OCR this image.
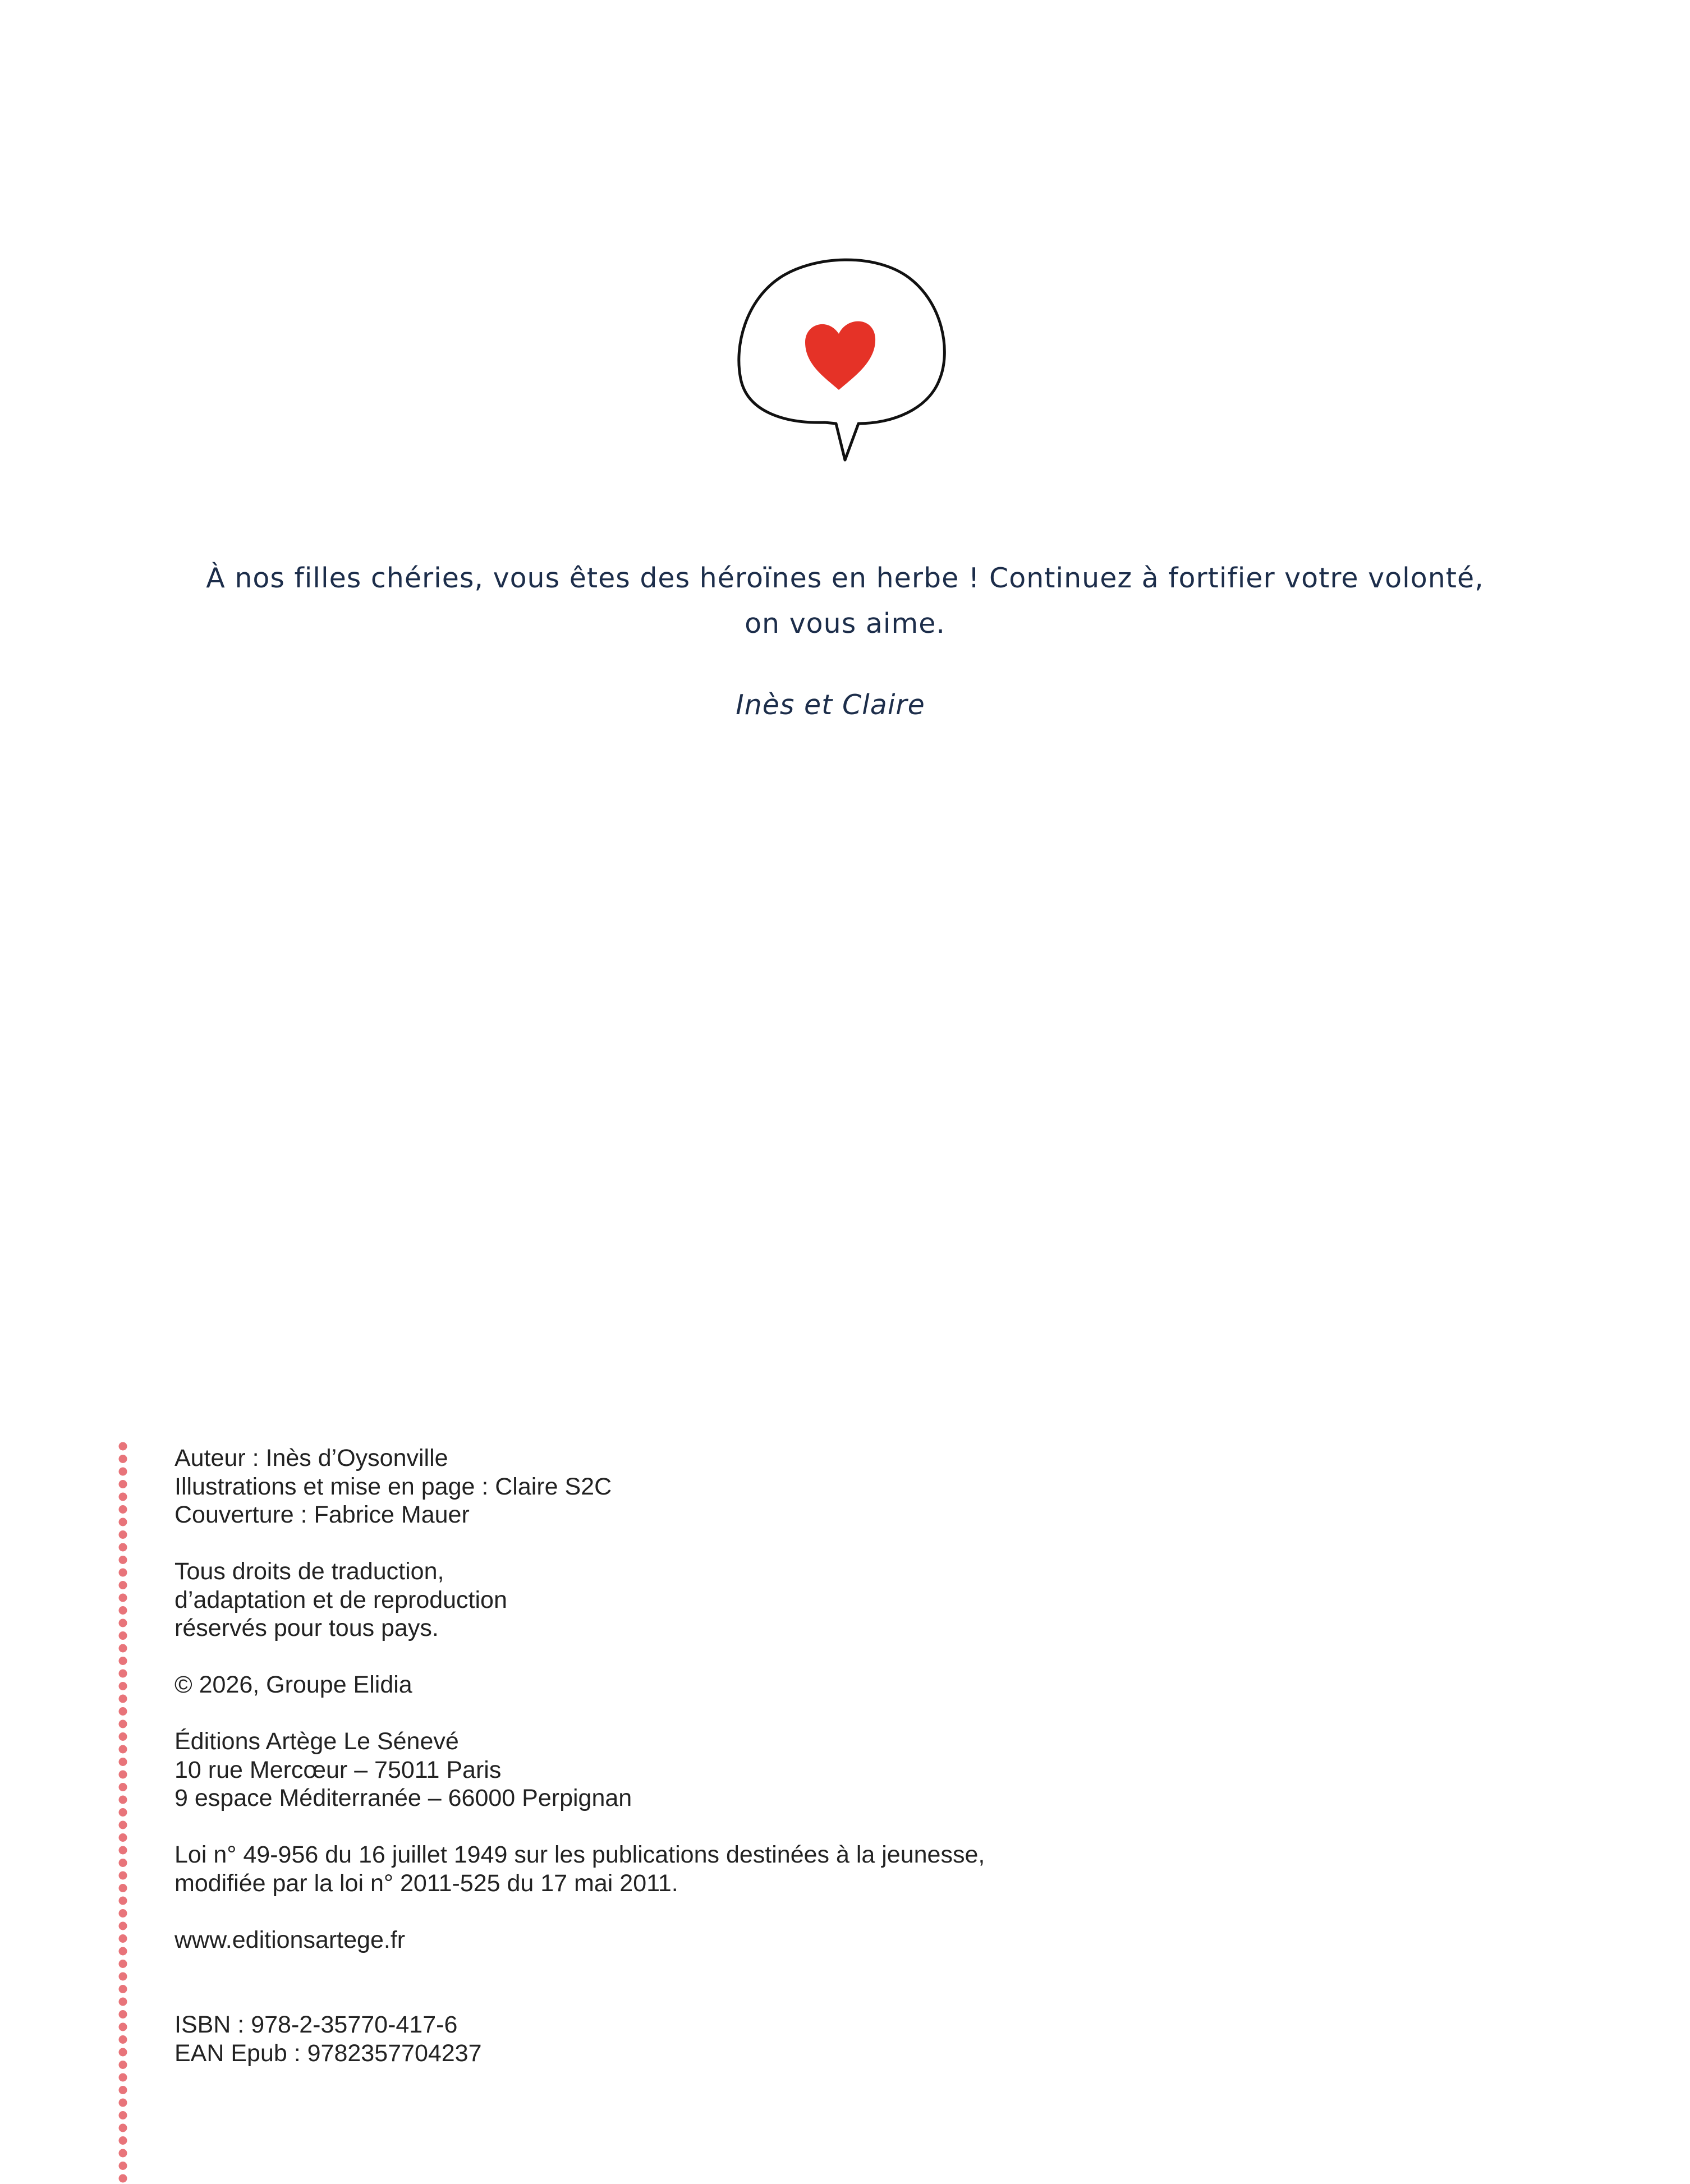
À nos filles chéries, vous êtes des héroïnes en herbe ! Continuez à fortifier votre volonté,

on vous aime.

Inès et Claire
Auteur : Inès d’Oysonville
Illustrations et mise en page : Claire S2C
Couverture : Fabrice Mauer
Tous droits de traduction,
d’adaptation et de reproduction
réservés pour tous pays.
© 2026, Groupe Elidia
Éditions Artège Le Sénevé
10 rue Mercœur – 75011 Paris
9 espace Méditerranée – 66000 Perpignan
Loi n° 49-956 du 16 juillet 1949 sur les publications destinées à la jeunesse,
modifiée par la loi n° 2011-525 du 17 mai 2011.
www.editionsartege.fr
ISBN : 978-2-35770-417-6
EAN Epub : 9782357704237
